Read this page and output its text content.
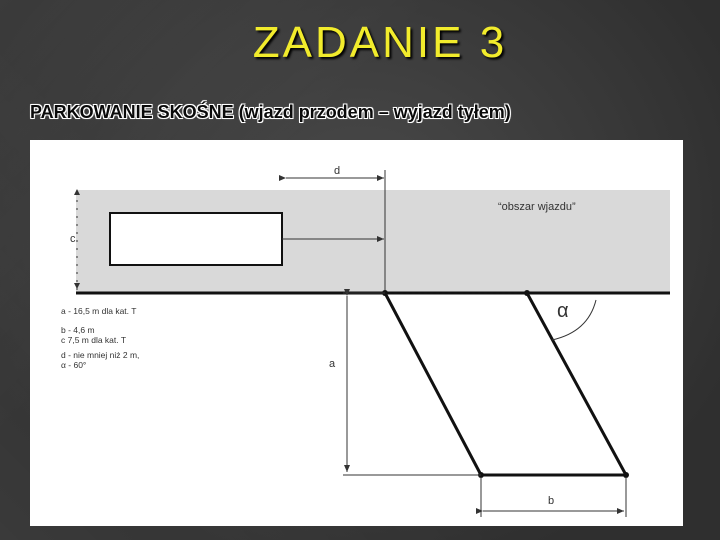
ZADANIE 3
PARKOWANIE SKOŚNE (wjazd przodem – wyjazd tyłem)
“obszar wjazdu”
d
c
α
a
b
a - 16,5 m dla kat. T
b - 4,6 m
c 7,5 m dla kat. T
d - nie mniej niż 2 m,
α - 60°
